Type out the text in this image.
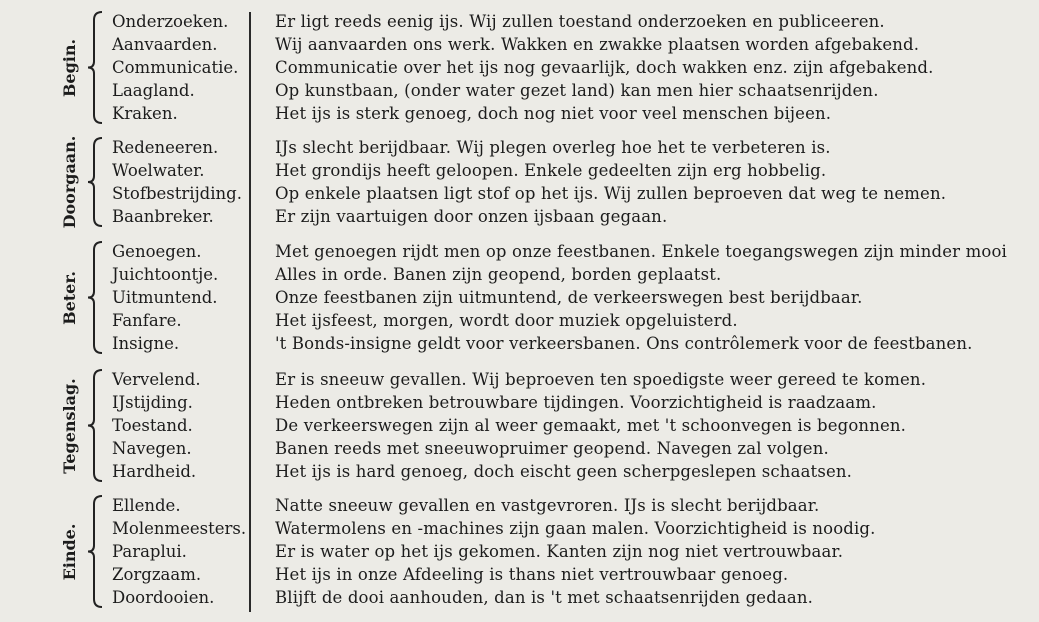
Begin.
Onderzoeken.	Er ligt reeds eenig ijs. Wij zullen toestand onderzoeken en publiceeren.
Aanvaarden.	Wij aanvaarden ons werk. Wakken en zwakke plaatsen worden afgebakend.
Communicatie. Communicatie over het ijs nog gevaarlijk, doch wakken enz. zijn afgebakend.
Laagland.	Op kunstbaan, (onder water gezet land) kan men hier schaatsenrijden.
Kraken.	Het ijs is sterk genoeg, doch nog niet voor veel menschen bijeen.
Doorgaan. Redeneeren.	IJs slecht berijdbaar. Wij plegen overleg hoe het te verbeteren is.
Woelwater.	Het grondijs heeft geloopen. Enkele gedeelten zijn erg hobbelig.
Stofbestrijding. Op enkele plaatsen ligt stof op het ijs. Wij zullen beproeven dat weg te nemen.
Baanbreker.	Er zijn vaartuigen door onzen ijsbaan gegaan.
Beter.
Genoegen.	Met genoegen rijdt men op onze feestbanen. Enkele toegangswegen zijn minder mooi
Juichtoontje.	Alles in orde. Banen zijn geopend, borden geplaatst.
Uitmuntend.	Onze feestbanen zijn uitmuntend, de verkeerswegen best berijdbaar.
Fanfare.	Het ijsfeest, morgen, wordt door muziek opgeluisterd.
Insigne.	't Bonds-insigne geldt voor verkeersbanen. Ons contrôlemerk voor de feestbanen.
Tegenslag. Vervelend.	Er is sneeuw gevallen. Wij beproeven ten spoedigste weer gereed te komen.
IJstijding.	Heden ontbreken betrouwbare tijdingen. Voorzichtigheid is raadzaam.
Toestand.	De verkeerswegen zijn al weer gemaakt, met 't schoonvegen is begonnen.
Navegen.	Banen reeds met sneeuwopruimer geopend. Navegen zal volgen.
Hardheid.	Het ijs is hard genoeg, doch eischt geen scherpgeslepen schaatsen.
Einde.
Ellende.	Natte sneeuw gevallen en vastgevroren. IJs is slecht berijdbaar.
Molenmeesters. Watermolens en -machines zijn gaan malen. Voorzichtigheid is noodig.
Paraplui.	Er is water op het ijs gekomen. Kanten zijn nog niet vertrouwbaar.
Zorgzaam.	Het ijs in onze Afdeeling is thans niet vertrouwbaar genoeg.
Doordooien.	Blijft de dooi aanhouden, dan is 't met schaatsenrijden gedaan.
